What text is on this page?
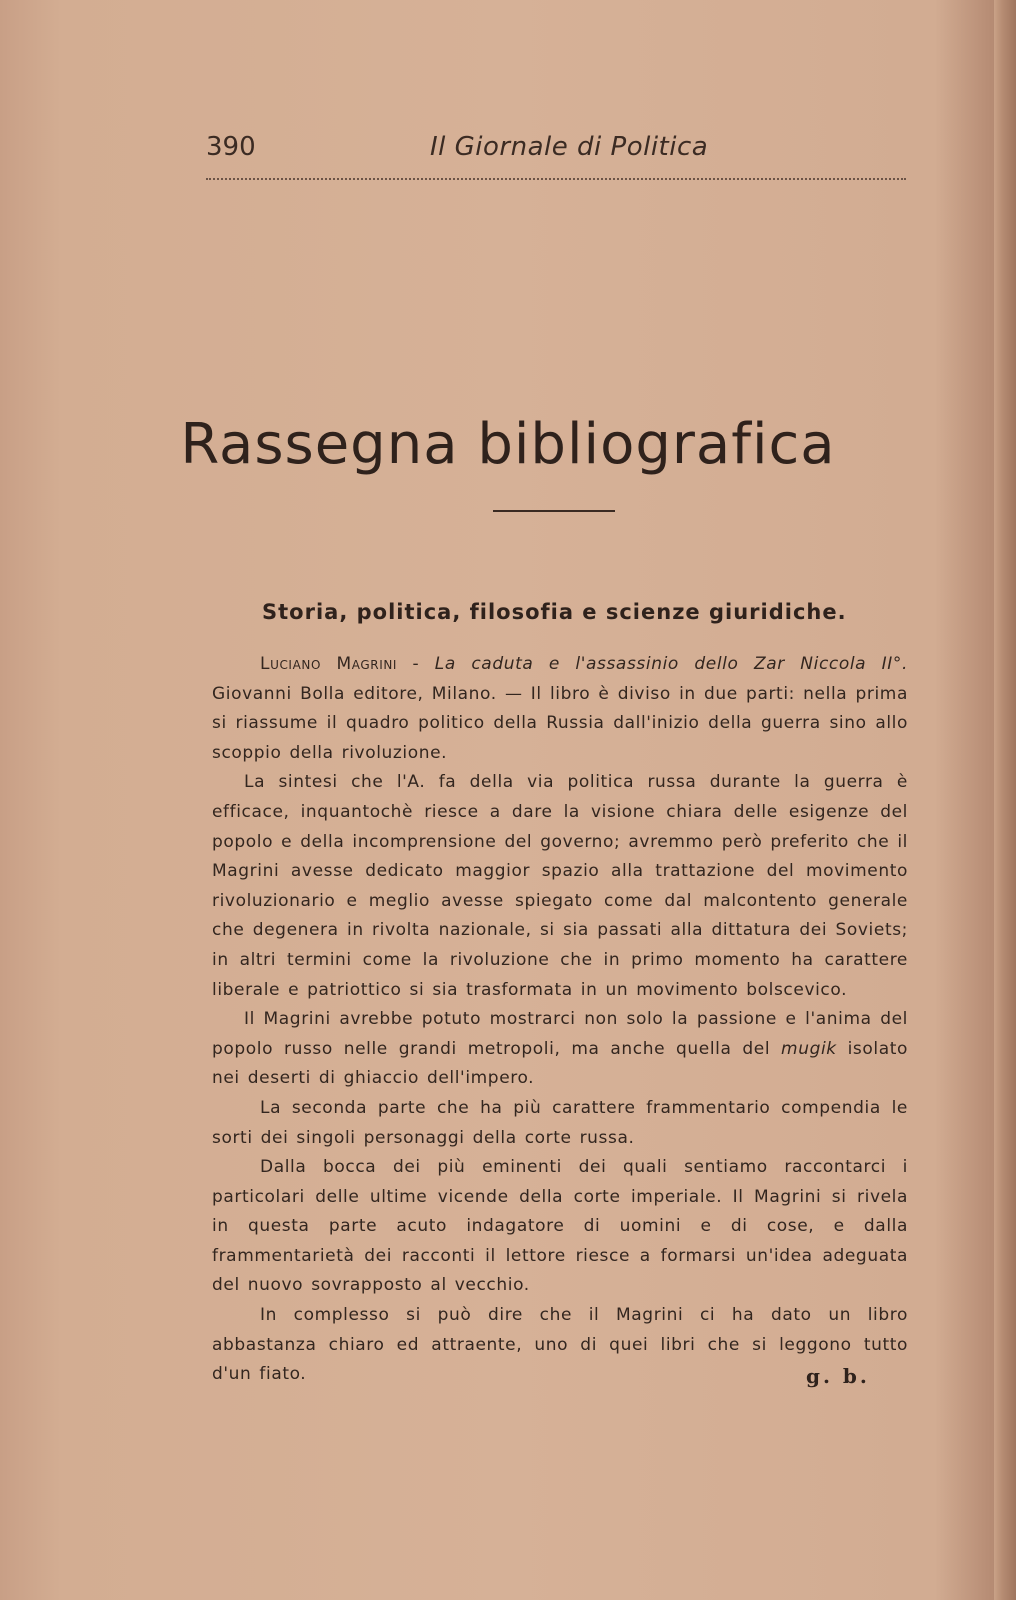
390	Il Giornale di Politica
Rassegna bibliografica
Storia, politica, filosofia e scienze giuridiche.

Luciano Magrini - La caduta e l'assassinio dello Zar Niccola II°. Giovanni Bolla editore, Milano. — Il libro è diviso in due parti: nella prima si riassume il quadro politico della Russia dall'inizio della guerra sino allo scoppio della rivoluzione.

La sintesi che l'A. fa della via politica russa durante la guerra è efficace, inquantochè riesce a dare la visione chiara delle esigenze del popolo e della incomprensione del governo; avremmo però preferito che il Magrini avesse dedicato maggior spazio alla trattazione del movimento rivoluzionario e meglio avesse spiegato come dal malcontento generale che degenera in rivolta nazionale, si sia passati alla dittatura dei Soviets; in altri termini come la rivoluzione che in primo momento ha carattere liberale e patriottico si sia trasformata in un movimento bolscevico.

Il Magrini avrebbe potuto mostrarci non solo la passione e l'anima del popolo russo nelle grandi metropoli, ma anche quella del mugik isolato nei deserti di ghiaccio dell'impero.

La seconda parte che ha più carattere frammentario compendia le sorti dei singoli personaggi della corte russa.

Dalla bocca dei più eminenti dei quali sentiamo raccontarci i particolari delle ultime vicende della corte imperiale. Il Magrini si rivela in questa parte acuto indagatore di uomini e di cose, e dalla frammentarietà dei racconti il lettore riesce a formarsi un'idea adeguata del nuovo sovrapposto al vecchio.

In complesso si può dire che il Magrini ci ha dato un libro abbastanza chiaro ed attraente, uno di quei libri che si leggono tutto d'un fiato.	g. b.
